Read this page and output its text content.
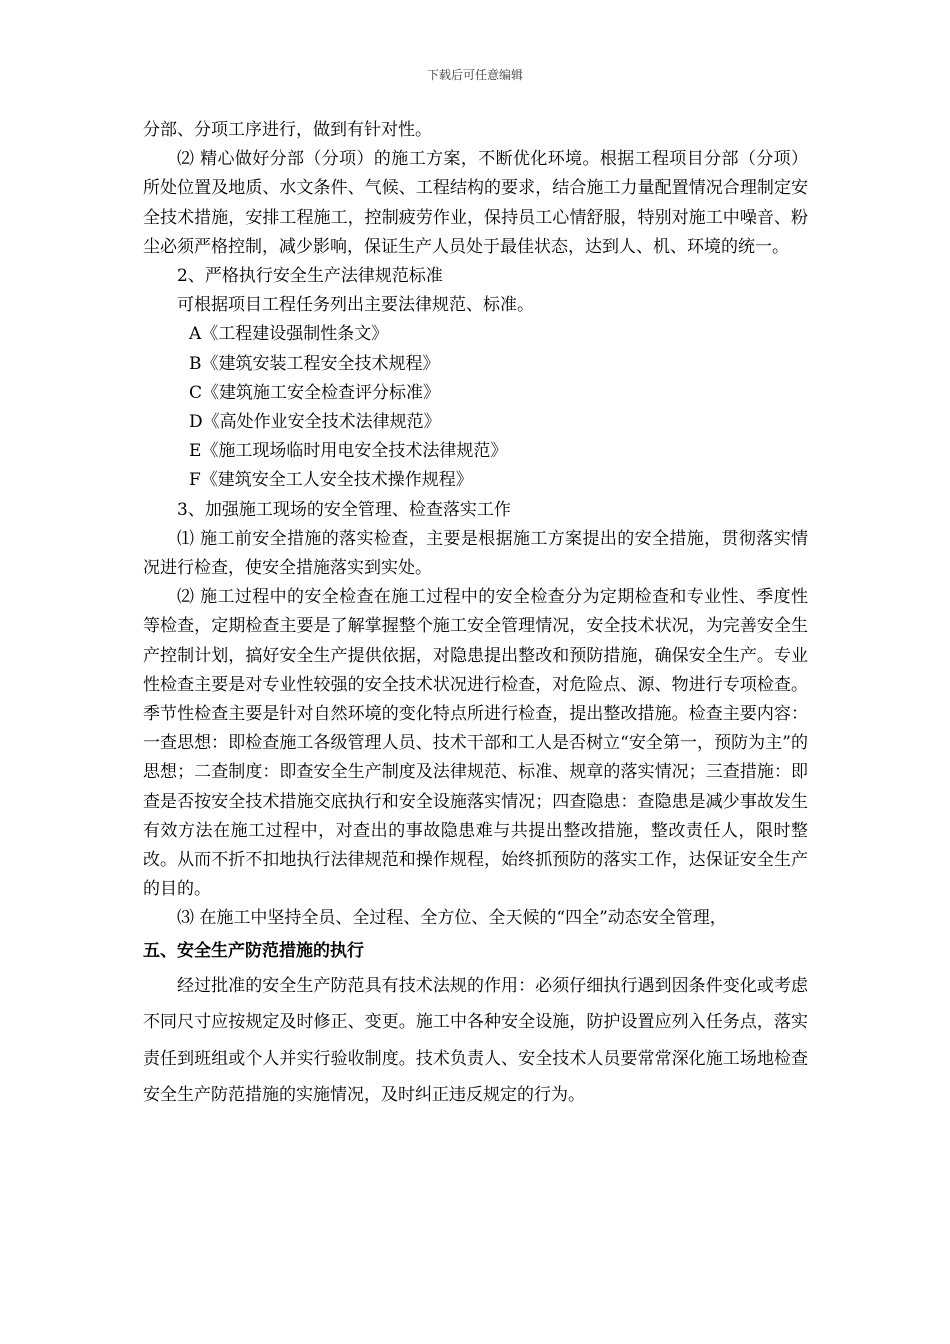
下载后可任意编辑

分部、分项工序进行，做到有针对性。

⑵ 精心做好分部（分项）的施工方案，不断优化环境。根据工程项目分部（分项）所处位置及地质、水文条件、气候、工程结构的要求，结合施工力量配置情况合理制定安全技术措施，安排工程施工，控制疲劳作业，保持员工心情舒服，特别对施工中噪音、粉尘必须严格控制，减少影响，保证生产人员处于最佳状态，达到人、机、环境的统一。

2、严格执行安全生产法律规范标准

可根据项目工程任务列出主要法律规范、标准。

A《工程建设强制性条文》

B《建筑安装工程安全技术规程》

C《建筑施工安全检查评分标准》

D《高处作业安全技术法律规范》

E《施工现场临时用电安全技术法律规范》

F《建筑安全工人安全技术操作规程》

3、加强施工现场的安全管理、检查落实工作

⑴ 施工前安全措施的落实检查，主要是根据施工方案提出的安全措施，贯彻落实情况进行检查，使安全措施落实到实处。

⑵ 施工过程中的安全检查在施工过程中的安全检查分为定期检查和专业性、季度性等检查，定期检查主要是了解掌握整个施工安全管理情况，安全技术状况，为完善安全生产控制计划，搞好安全生产提供依据，对隐患提出整改和预防措施，确保安全生产。专业性检查主要是对专业性较强的安全技术状况进行检查，对危险点、源、物进行专项检查。季节性检查主要是针对自然环境的变化特点所进行检查，提出整改措施。检查主要内容：一查思想：即检查施工各级管理人员、技术干部和工人是否树立“安全第一，预防为主”的思想；二查制度：即查安全生产制度及法律规范、标准、规章的落实情况；三查措施：即查是否按安全技术措施交底执行和安全设施落实情况；四查隐患：查隐患是减少事故发生有效方法在施工过程中，对查出的事故隐患难与共提出整改措施，整改责任人，限时整改。从而不折不扣地执行法律规范和操作规程，始终抓预防的落实工作，达保证安全生产的目的。

⑶ 在施工中坚持全员、全过程、全方位、全天候的“四全”动态安全管理，

五、安全生产防范措施的执行

经过批准的安全生产防范具有技术法规的作用：必须仔细执行遇到因条件变化或考虑不同尺寸应按规定及时修正、变更。施工中各种安全设施，防护设置应列入任务点，落实责任到班组或个人并实行验收制度。技术负责人、安全技术人员要常常深化施工场地检查安全生产防范措施的实施情况，及时纠正违反规定的行为。
